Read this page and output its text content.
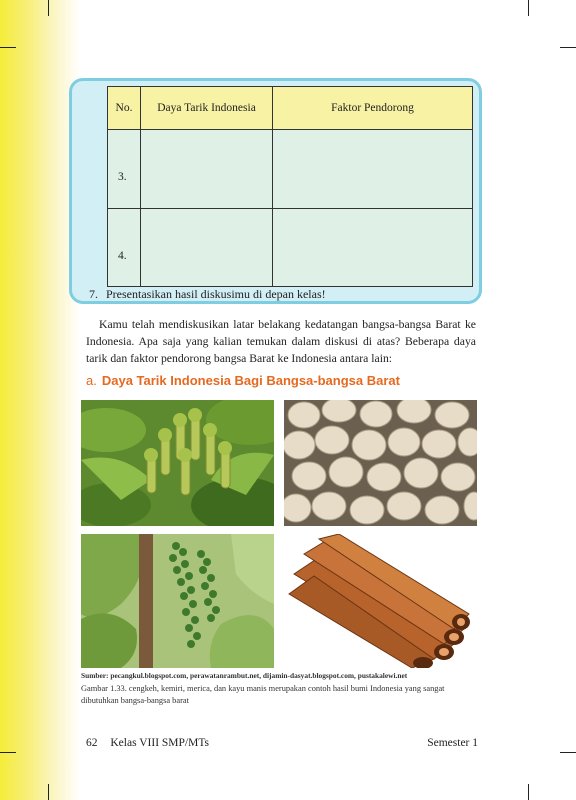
No.	Daya Tarik Indonesia	Faktor Pendorong
3.		
4.		
7. Presentasikan hasil diskusimu di depan kelas!

Kamu telah mendiskusikan latar belakang kedatangan bangsa-bangsa Barat ke Indonesia. Apa saja yang kalian temukan dalam diskusi di atas? Beberapa daya tarik dan faktor pendorong bangsa Barat ke Indonesia antara lain:

a. Daya Tarik Indonesia Bagi Bangsa-bangsa Barat
Sumber: pecangkul.blogspot.com, perawatanrambut.net, dijamin-dasyat.blogspot.com, pustakalewi.net

Gambar 1.33. cengkeh, kemiri, merica, dan kayu manis merupakan contoh hasil bumi Indonesia yang sangat dibutuhkan bangsa-bangsa barat

62 Kelas VIII SMP/MTs	Semester 1
